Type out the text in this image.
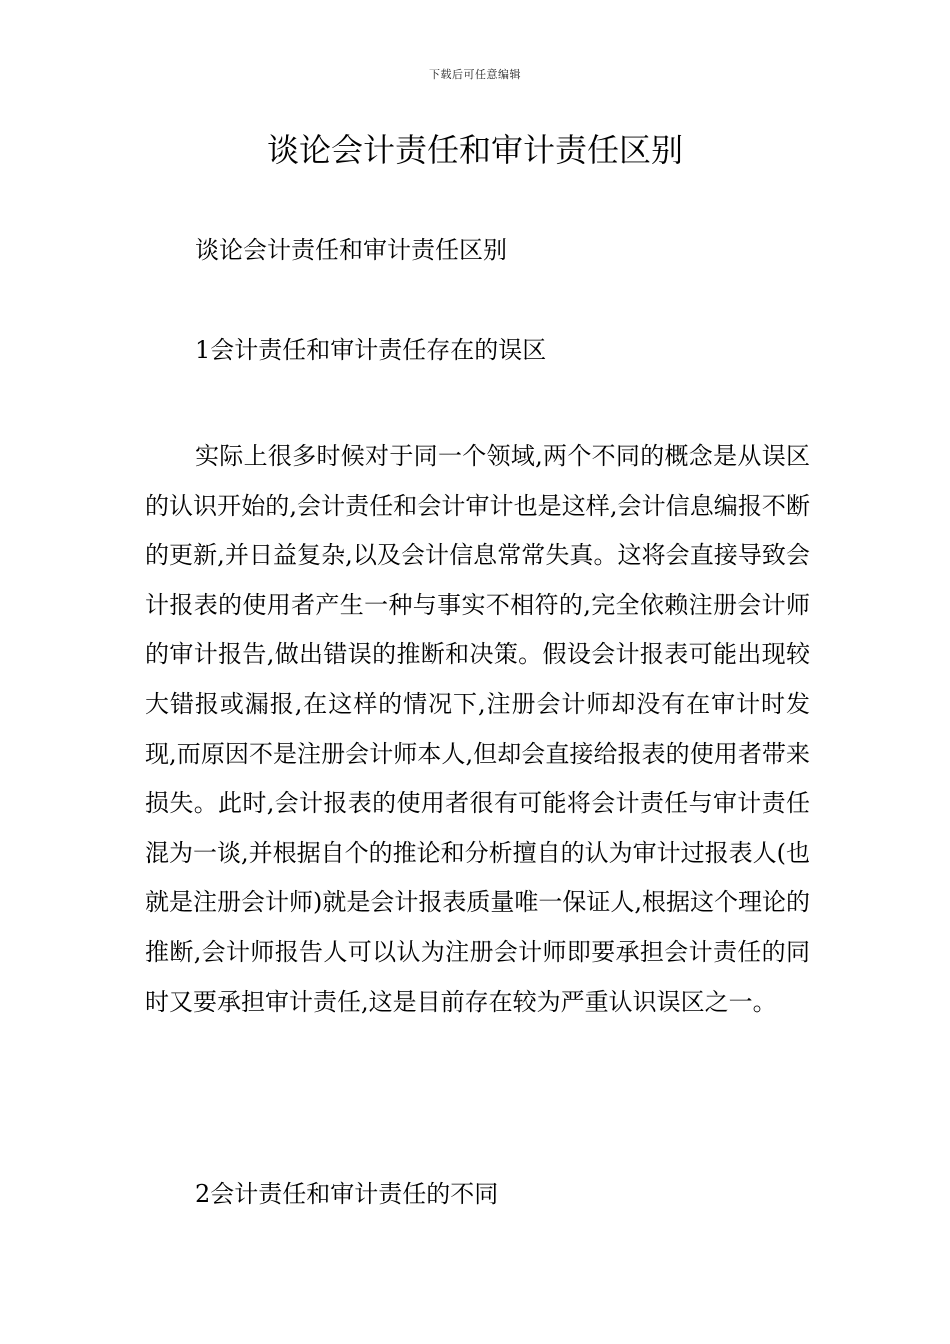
下载后可任意编辑
谈论会计责任和审计责任区别

谈论会计责任和审计责任区别

1会计责任和审计责任存在的误区

实际上很多时候对于同一个领域,两个不同的概念是从误区的认识开始的,会计责任和会计审计也是这样,会计信息编报不断的更新,并日益复杂,以及会计信息常常失真。这将会直接导致会计报表的使用者产生一种与事实不相符的,完全依赖注册会计师的审计报告,做出错误的推断和决策。假设会计报表可能出现较大错报或漏报,在这样的情况下,注册会计师却没有在审计时发现,而原因不是注册会计师本人,但却会直接给报表的使用者带来损失。此时,会计报表的使用者很有可能将会计责任与审计责任混为一谈,并根据自个的推论和分析擅自的认为审计过报表人(也就是注册会计师)就是会计报表质量唯一保证人,根据这个理论的推断,会计师报告人可以认为注册会计师即要承担会计责任的同时又要承担审计责任,这是目前存在较为严重认识误区之一。

2会计责任和审计责任的不同
